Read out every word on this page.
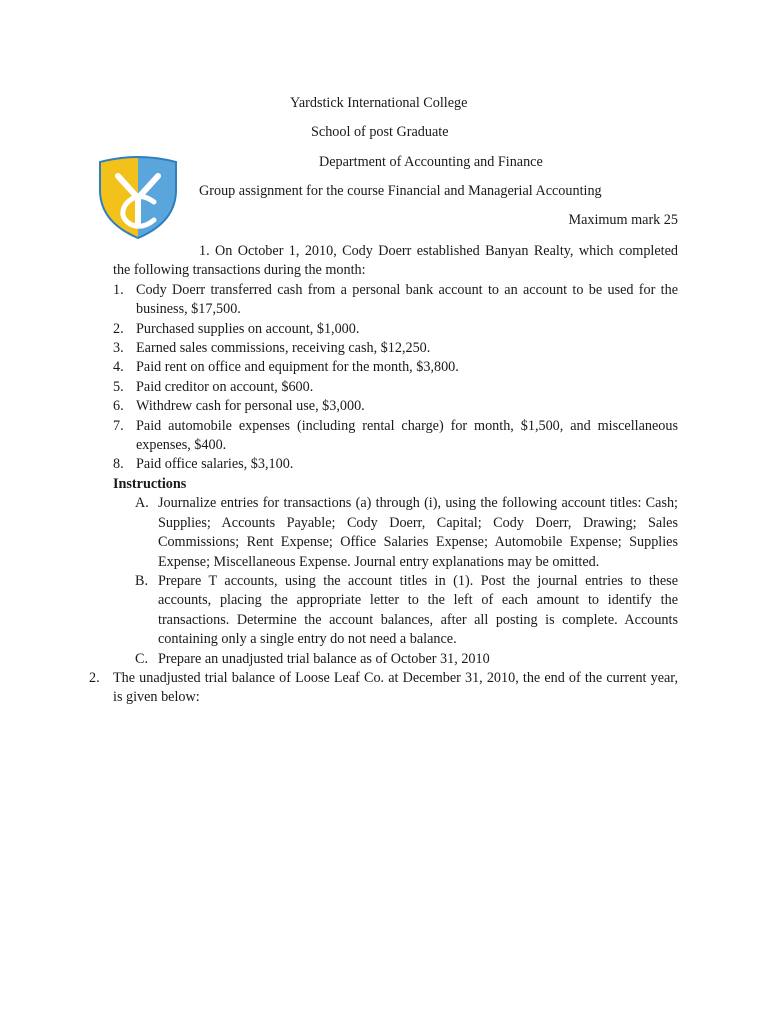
Yardstick International College
School of post Graduate
Department of Accounting and Finance
Group assignment for the course Financial and Managerial Accounting
Maximum mark 25

1. On October 1, 2010, Cody Doerr established Banyan Realty, which completed the following transactions during the month:

1. Cody Doerr transferred cash from a personal bank account to an account to be used for the business, $17,500.
2. Purchased supplies on account, $1,000.
3. Earned sales commissions, receiving cash, $12,250.
4. Paid rent on office and equipment for the month, $3,800.
5. Paid creditor on account, $600.
6. Withdrew cash for personal use, $3,000.
7. Paid automobile expenses (including rental charge) for month, $1,500, and miscellaneous expenses, $400.
8. Paid office salaries, $3,100.

Instructions

A. Journalize entries for transactions (a) through (i), using the following account titles: Cash; Supplies; Accounts Payable; Cody Doerr, Capital; Cody Doerr, Drawing; Sales Commissions; Rent Expense; Office Salaries Expense; Automobile Expense; Supplies Expense; Miscellaneous Expense. Journal entry explanations may be omitted.
B. Prepare T accounts, using the account titles in (1). Post the journal entries to these accounts, placing the appropriate letter to the left of each amount to identify the transactions. Determine the account balances, after all posting is complete. Accounts containing only a single entry do not need a balance.
C. Prepare an unadjusted trial balance as of October 31, 2010

2. The unadjusted trial balance of Loose Leaf Co. at December 31, 2010, the end of the current year, is given below:
